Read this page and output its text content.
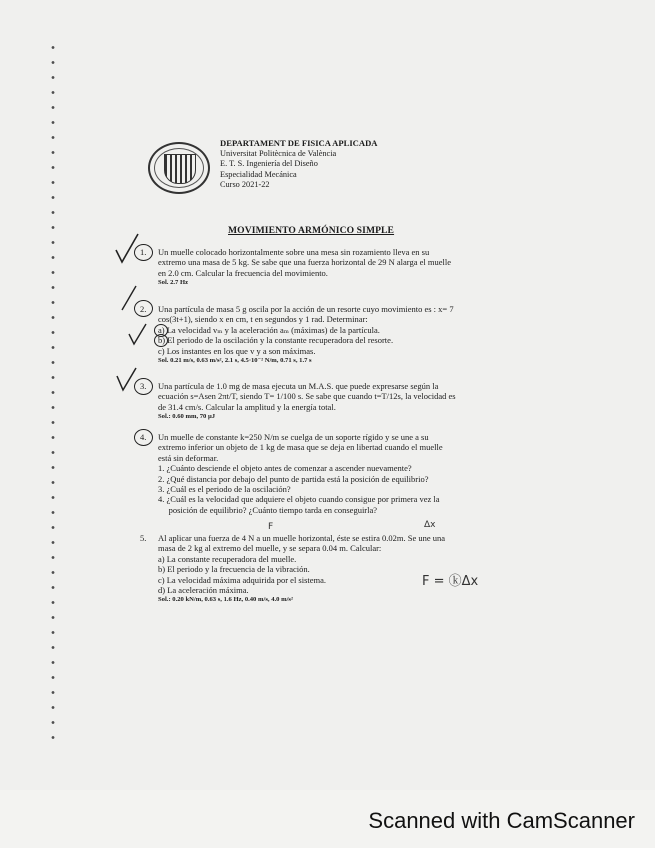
DEPARTAMENT DE FISICA APLICADA
Universitat Politècnica de València
E. T. S. Ingeniería del Diseño
Especialidad Mecánica
Curso 2021-22
MOVIMIENTO ARMÓNICO SIMPLE
1. Un muelle colocado horizontalmente sobre una mesa sin rozamiento lleva en su
extremo una masa de 5 kg. Se sabe que una fuerza horizontal de 29 N alarga el muelle
en 2.0 cm. Calcular la frecuencia del movimiento.
Sol. 2.7 Hz
2. Una partícula de masa 5 g oscila por la acción de un resorte cuyo movimiento es : x= 7
cos(3t+1), siendo x en cm, t en segundos y 1 rad. Determinar:
a) La velocidad vₘ y la aceleración aₘ (máximas) de la partícula.
b) El periodo de la oscilación y la constante recuperadora del resorte.
c) Los instantes en los que v y a son máximas.
Sol. 0.21 m/s, 0.63 m/s², 2.1 s, 4.5·10⁻² N/m, 0.71 s, 1.7 s
3. Una partícula de 1.0 mg de masa ejecuta un M.A.S. que puede expresarse según la
ecuación s=Asen 2πt/T, siendo T= 1/100 s. Se sabe que cuando t=T/12s, la velocidad es
de 31.4 cm/s. Calcular la amplitud y la energía total.
Sol.: 0.60 mm, 70 µJ
4. Un muelle de constante k=250 N/m se cuelga de un soporte rígido y se une a su
extremo inferior un objeto de 1 kg de masa que se deja en libertad cuando el muelle
está sin deformar.
1. ¿Cuánto desciende el objeto antes de comenzar a ascender nuevamente?
2. ¿Qué distancia por debajo del punto de partida está la posición de equilibrio?
3. ¿Cuál es el periodo de la oscilación?
4. ¿Cuál es la velocidad que adquiere el objeto cuando consigue por primera vez la
posición de equilibrio? ¿Cuánto tiempo tarda en conseguirla?
5. Al aplicar una fuerza de 4 N a un muelle horizontal, éste se estira 0.02m. Se une una
masa de 2 kg al extremo del muelle, y se separa 0.04 m. Calcular:
a) La constante recuperadora del muelle.
b) El periodo y la frecuencia de la vibración.
c) La velocidad máxima adquirida por el sistema.
d) La aceleración máxima.
Sol.: 0.20 kN/m, 0.63 s, 1.6 Hz, 0.40 m/s, 4.0 m/s²
F	Δx
F = ⓚΔx
Scanned with CamScanner
